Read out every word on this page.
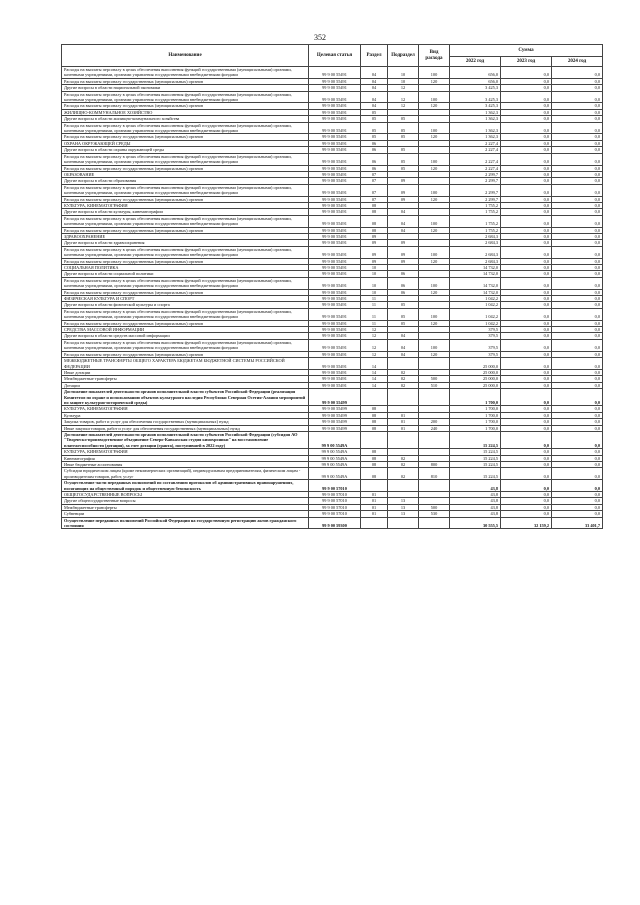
352
Наименование	Целевая статья	Раздел	Подраздел	Вид расхода	Сумма		
					2022 год	2023 год	2024 год
Расходы на выплаты персоналу в целях обеспечения выполнения функций государственными (муниципальными) органами, казенными учреждениями, органами управления государственными внебюджетными фондами	99 9 00 55491	04	10	100	656,0	0,0	0,0
Расходы на выплаты персоналу государственных (муниципальных) органов	99 9 00 55491	04	10	120	656,0	0,0	0,0
Другие вопросы в области национальной экономики	99 9 00 55491	04	12		3 425,3	0,0	0,0
Расходы на выплаты персоналу в целях обеспечения выполнения функций государственными (муниципальными) органами, казенными учреждениями, органами управления государственными внебюджетными фондами	99 9 00 55491	04	12	100	3 425,3	0,0	0,0
Расходы на выплаты персоналу государственных (муниципальных) органов	99 9 00 55491	04	12	120	3 425,3	0,0	0,0
ЖИЛИЩНО-КОММУНАЛЬНОЕ ХОЗЯЙСТВО	99 9 00 55491	05			1 362,3	0,0	0,0
Другие вопросы в области жилищно-коммунального хозяйства	99 9 00 55491	05	05		1 362,3	0,0	0,0
Расходы на выплаты персоналу в целях обеспечения выполнения функций государственными (муниципальными) органами, казенными учреждениями, органами управления государственными внебюджетными фондами	99 9 00 55491	05	05	100	1 362,3	0,0	0,0
Расходы на выплаты персоналу государственных (муниципальных) органов	99 9 00 55491	05	05	120	1 362,3	0,0	0,0
ОХРАНА ОКРУЖАЮЩЕЙ СРЕДЫ	99 9 00 55491	06			2 227,4	0,0	0,0
Другие вопросы в области охраны окружающей среды	99 9 00 55491	06	05		2 227,4	0,0	0,0
Расходы на выплаты персоналу в целях обеспечения выполнения функций государственными (муниципальными) органами, казенными учреждениями, органами управления государственными внебюджетными фондами	99 9 00 55491	06	05	100	2 227,4	0,0	0,0
Расходы на выплаты персоналу государственных (муниципальных) органов	99 9 00 55491	06	05	120	2 227,4	0,0	0,0
ОБРАЗОВАНИЕ	99 9 00 55491	07			2 299,7	0,0	0,0
Другие вопросы в области образования	99 9 00 55491	07	09		2 299,7	0,0	0,0
Расходы на выплаты персоналу в целях обеспечения выполнения функций государственными (муниципальными) органами, казенными учреждениями, органами управления государственными внебюджетными фондами	99 9 00 55491	07	09	100	2 299,7	0,0	0,0
Расходы на выплаты персоналу государственных (муниципальных) органов	99 9 00 55491	07	09	120	2 299,7	0,0	0,0
КУЛЬТУРА, КИНЕМАТОГРАФИЯ	99 9 00 55491	08			1 755,2	0,0	0,0
Другие вопросы в области культуры, кинематографии	99 9 00 55491	08	04		1 755,2	0,0	0,0
Расходы на выплаты персоналу в целях обеспечения выполнения функций государственными (муниципальными) органами, казенными учреждениями, органами управления государственными внебюджетными фондами	99 9 00 55491	08	04	100	1 755,2	0,0	0,0
Расходы на выплаты персоналу государственных (муниципальных) органов	99 9 00 55491	08	04	120	1 755,2	0,0	0,0
ЗДРАВООХРАНЕНИЕ	99 9 00 55491	09			2 684,3	0,0	0,0
Другие вопросы в области здравоохранения	99 9 00 55491	09	09		2 684,3	0,0	0,0
Расходы на выплаты персоналу в целях обеспечения выполнения функций государственными (муниципальными) органами, казенными учреждениями, органами управления государственными внебюджетными фондами	99 9 00 55491	09	09	100	2 684,3	0,0	0,0
Расходы на выплаты персоналу государственных (муниципальных) органов	99 9 00 55491	09	09	120	2 684,3	0,0	0,0
СОЦИАЛЬНАЯ ПОЛИТИКА	99 9 00 55491	10			14 732,0	0,0	0,0
Другие вопросы в области социальной политики	99 9 00 55491	10	06		14 732,0	0,0	0,0
Расходы на выплаты персоналу в целях обеспечения выполнения функций государственными (муниципальными) органами, казенными учреждениями, органами управления государственными внебюджетными фондами	99 9 00 55491	10	06	100	14 732,0	0,0	0,0
Расходы на выплаты персоналу государственных (муниципальных) органов	99 9 00 55491	10	06	120	14 732,0	0,0	0,0
ФИЗИЧЕСКАЯ КУЛЬТУРА И СПОРТ	99 9 00 55491	11			1 042,2	0,0	0,0
Другие вопросы в области физической культуры и спорта	99 9 00 55491	11	05		1 042,2	0,0	0,0
Расходы на выплаты персоналу в целях обеспечения выполнения функций государственными (муниципальными) органами, казенными учреждениями, органами управления государственными внебюджетными фондами	99 9 00 55491	11	05	100	1 042,2	0,0	0,0
Расходы на выплаты персоналу государственных (муниципальных) органов	99 9 00 55491	11	05	120	1 042,2	0,0	0,0
СРЕДСТВА МАССОВОЙ ИНФОРМАЦИИ	99 9 00 55491	12			379,5	0,0	0,0
Другие вопросы в области средств массовой информации	99 9 00 55491	12	04		379,5	0,0	0,0
Расходы на выплаты персоналу в целях обеспечения выполнения функций государственными (муниципальными) органами, казенными учреждениями, органами управления государственными внебюджетными фондами	99 9 00 55491	12	04	100	379,5	0,0	0,0
Расходы на выплаты персоналу государственных (муниципальных) органов	99 9 00 55491	12	04	120	379,5	0,0	0,0
МЕЖБЮДЖЕТНЫЕ ТРАНСФЕРТЫ ОБЩЕГО ХАРАКТЕРА БЮДЖЕТАМ БЮДЖЕТНОЙ СИСТЕМЫ РОССИЙСКОЙ ФЕДЕРАЦИИ	99 9 00 55491	14			25 000,0	0,0	0,0
Иные дотации	99 9 00 55491	14	02		25 000,0	0,0	0,0
Межбюджетные трансферты	99 9 00 55491	14	02	500	25 000,0	0,0	0,0
Дотации	99 9 00 55491	14	02	510	25 000,0	0,0	0,0
Достижение показателей деятельности органов исполнительной власти субъектов Российской Федерации (реализация Комитетом по охране и использованию объектов культурного наследия Республики Северная Осетия-Алания мероприятий по защите культурно-исторической среды)	99 9 00 55499				1 700,0	0,0	0,0
КУЛЬТУРА, КИНЕМАТОГРАФИЯ	99 9 00 55499	08			1 700,0	0,0	0,0
Культура	99 9 00 55499	08	01		1 700,0	0,0	0,0
Закупка товаров, работ и услуг для обеспечения государственных (муниципальных) нужд	99 9 00 55499	08	01	200	1 700,0	0,0	0,0
Иные закупки товаров, работ и услуг для обеспечения государственных (муниципальных) нужд	99 9 00 55499	08	01	240	1 700,0	0,0	0,0
Достижение показателей деятельности органов исполнительной власти субъектов Российской Федерации (субсидия АО "Творческо-производственное объединение Северо-Кавказская студия кинохроники" на восстановление платежеспособности (дотация), за счет дотации (гранта), поступившей в 2022 году)	99 9 00 5549А				15 224,5	0,0	0,0
КУЛЬТУРА, КИНЕМАТОГРАФИЯ	99 9 00 5549А	08			15 224,5	0,0	0,0
Кинематография	99 9 00 5549А	08	02		15 224,5	0,0	0,0
Иные бюджетные ассигнования	99 9 00 5549А	08	02	800	15 224,5	0,0	0,0
Субсидии юридическим лицам (кроме некоммерческих организаций), индивидуальным предпринимателям, физическим лицам - производителям товаров, работ, услуг	99 9 00 5549А	08	02	810	15 224,5	0,0	0,0
Осуществление части переданных полномочий по составлению протоколов об административных правонарушениях, посягающих на общественный порядок и общественную безопасность	99 9 00 57010				43,8	0,0	0,0
ОБЩЕГОСУДАРСТВЕННЫЕ ВОПРОСЫ	99 9 00 57010	01			43,8	0,0	0,0
Другие общегосударственные вопросы	99 9 00 57010	01	13		43,8	0,0	0,0
Межбюджетные трансферты	99 9 00 57010	01	13	500	43,8	0,0	0,0
Субвенции	99 9 00 57010	01	13	530	43,8	0,0	0,0
Осуществление переданных полномочий Российской Федерации на государственную регистрацию актов гражданского состояния	99 9 00 59300				30 555,5	32 159,2	33 401,7
